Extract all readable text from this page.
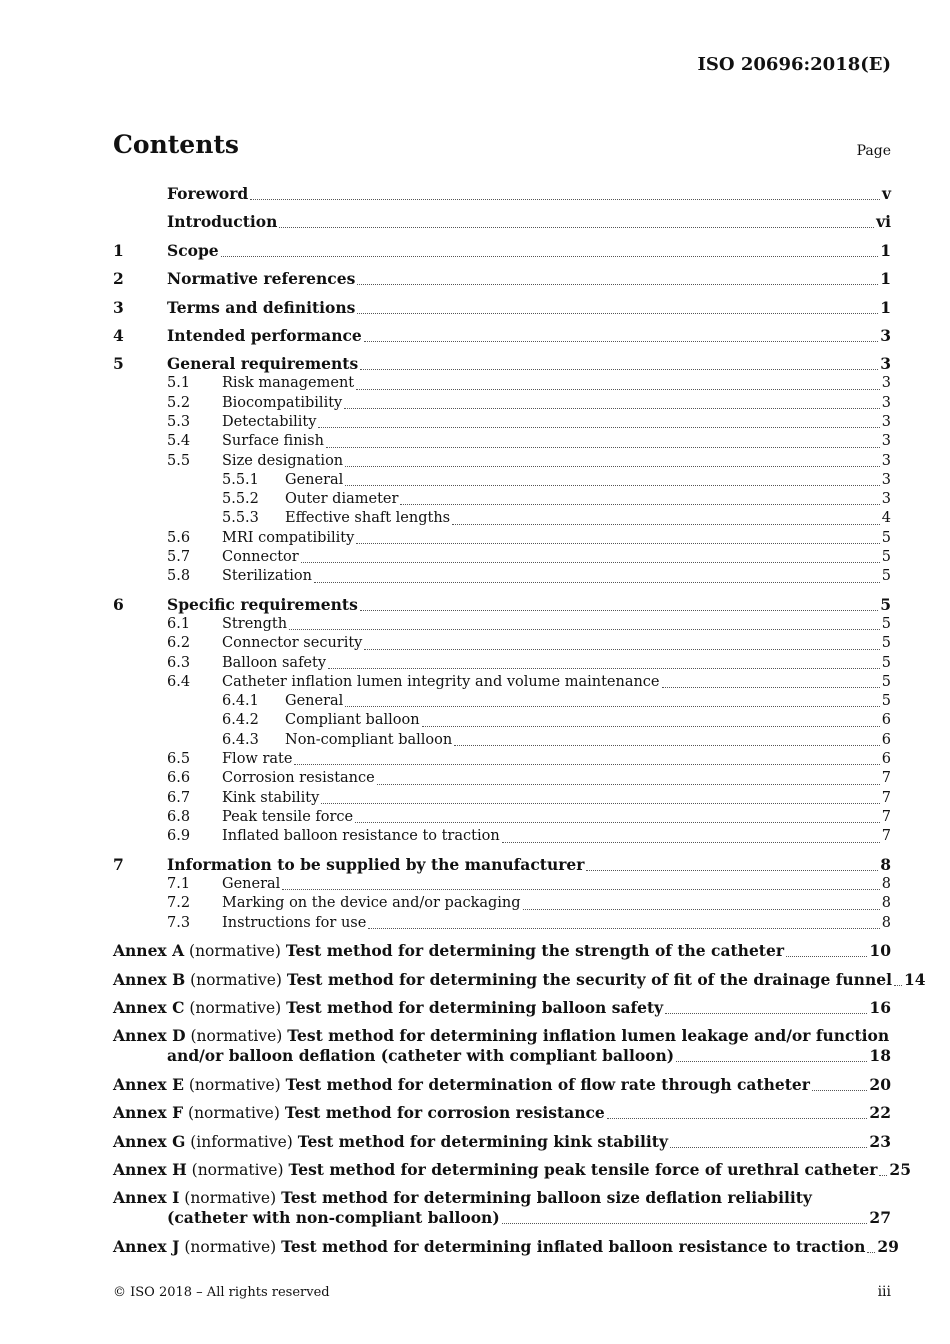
ISO 20696:2018(E)
Contents	Page
Foreword	v
Introduction	vi
1	Scope	1
2	Normative references	1
3	Terms and definitions	1
4	Intended performance	3
5	General requirements	3
5.1	Risk management	3
5.2	Biocompatibility	3
5.3	Detectability	3
5.4	Surface finish	3
5.5	Size designation	3
5.5.1	General	3
5.5.2	Outer diameter	3
5.5.3	Effective shaft lengths	4
5.6	MRI compatibility	5
5.7	Connector	5
5.8	Sterilization	5
6	Specific requirements	5
6.1	Strength	5
6.2	Connector security	5
6.3	Balloon safety	5
6.4	Catheter inflation lumen integrity and volume maintenance	5
6.4.1	General	5
6.4.2	Compliant balloon	6
6.4.3	Non-compliant balloon	6
6.5	Flow rate	6
6.6	Corrosion resistance	7
6.7	Kink stability	7
6.8	Peak tensile force	7
6.9	Inflated balloon resistance to traction	7
7	Information to be supplied by the manufacturer	8
7.1	General	8
7.2	Marking on the device and/or packaging	8
7.3	Instructions for use	8
Annex A (normative) Test method for determining the strength of the catheter	10
Annex B (normative) Test method for determining the security of fit of the drainage funnel 14
Annex C (normative) Test method for determining balloon safety	16
Annex D (normative) Test method for determining inflation lumen leakage and/or function
and/or balloon deflation (catheter with compliant balloon)	18
Annex E (normative) Test method for determination of flow rate through catheter	20
Annex F (normative) Test method for corrosion resistance	22
Annex G (informative) Test method for determining kink stability	23
Annex H (normative) Test method for determining peak tensile force of urethral catheter 25
Annex I (normative) Test method for determining balloon size deflation reliability
(catheter with non-compliant balloon)	27
Annex J (normative) Test method for determining inflated balloon resistance to traction 29
© ISO 2018 – All rights reserved	iii
